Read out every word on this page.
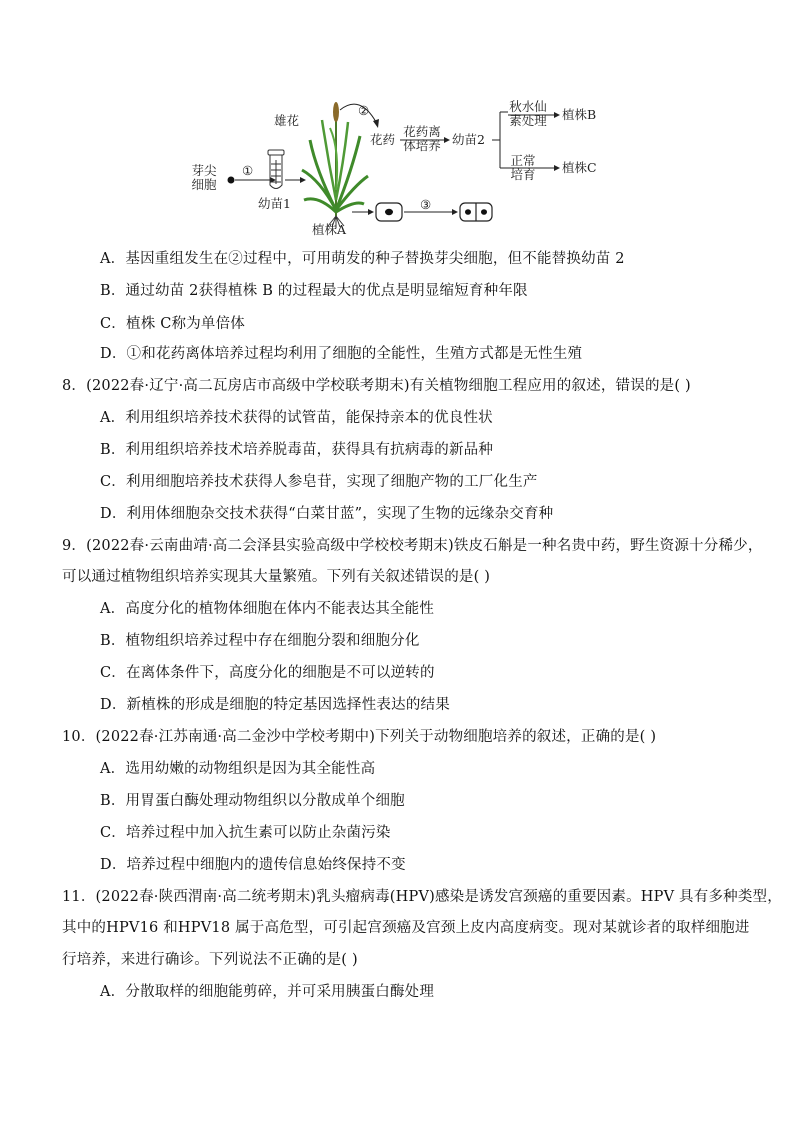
芽尖细胞
①
幼苗1
雄花
②
花药
花药离体培养 幼苗2
秋水仙素处理 植株B
正常培育 植株C
植株A
③
A．基因重组发生在②过程中，可用萌发的种子替换芽尖细胞，但不能替换幼苗 2
B．通过幼苗 2获得植株 B 的过程最大的优点是明显缩短育种年限
C．植株 C称为单倍体
D．①和花药离体培养过程均利用了细胞的全能性，生殖方式都是无性生殖
8．(2022春·辽宁·高二瓦房店市高级中学校联考期末)有关植物细胞工程应用的叙述，错误的是( )
A．利用组织培养技术获得的试管苗，能保持亲本的优良性状
B．利用组织培养技术培养脱毒苗，获得具有抗病毒的新品种
C．利用细胞培养技术获得人参皂苷，实现了细胞产物的工厂化生产
D．利用体细胞杂交技术获得“白菜甘蓝”，实现了生物的远缘杂交育种
9．(2022春·云南曲靖·高二会泽县实验高级中学校校考期末)铁皮石斛是一种名贵中药，野生资源十分稀少，
可以通过植物组织培养实现其大量繁殖。下列有关叙述错误的是( )
A．高度分化的植物体细胞在体内不能表达其全能性
B．植物组织培养过程中存在细胞分裂和细胞分化
C．在离体条件下，高度分化的细胞是不可以逆转的
D．新植株的形成是细胞的特定基因选择性表达的结果
10．(2022春·江苏南通·高二金沙中学校考期中)下列关于动物细胞培养的叙述，正确的是( )
A．选用幼嫩的动物组织是因为其全能性高
B．用胃蛋白酶处理动物组织以分散成单个细胞
C．培养过程中加入抗生素可以防止杂菌污染
D．培养过程中细胞内的遗传信息始终保持不变
11．(2022春·陕西渭南·高二统考期末)乳头瘤病毒(HPV)感染是诱发宫颈癌的重要因素。HPV 具有多种类型，
其中的HPV16 和HPV18 属于高危型，可引起宫颈癌及宫颈上皮内高度病变。现对某就诊者的取样细胞进
行培养，来进行确诊。下列说法不正确的是( )
A．分散取样的细胞能剪碎，并可采用胰蛋白酶处理
